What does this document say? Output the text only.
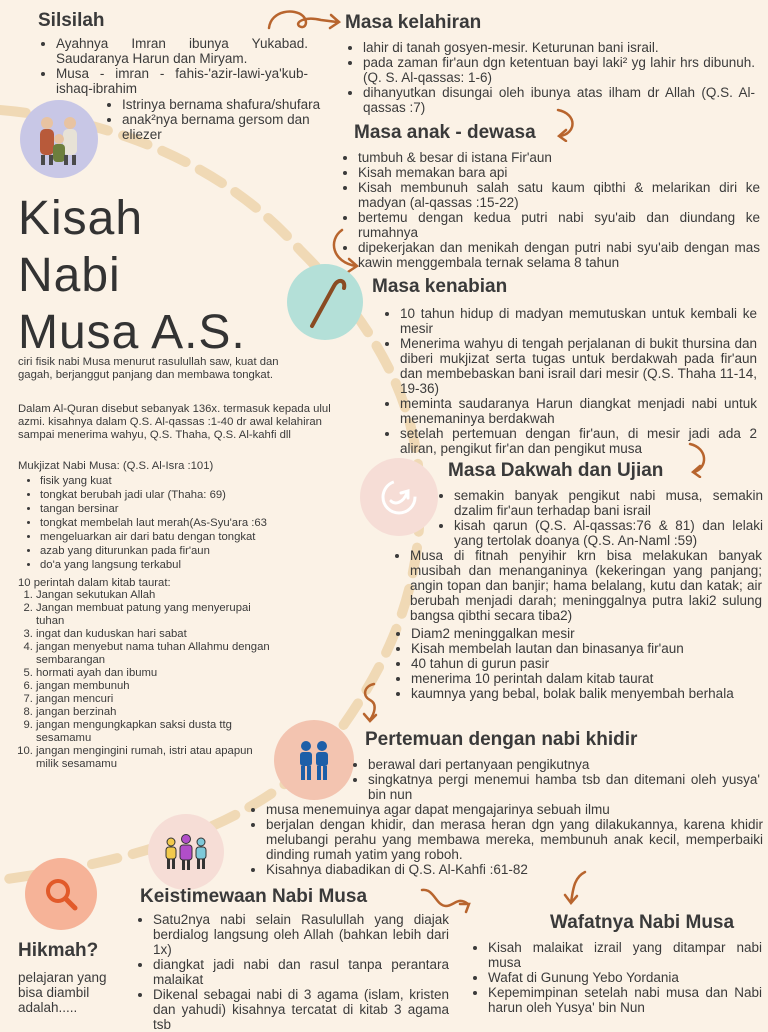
Silsilah
• Ayahnya Imran ibunya Yukabad. Saudaranya Harun dan Miryam.
• Musa - imran - fahis-'azir-lawi-ya'kub-ishaq-ibrahim
• Istrinya bernama shafura/shufara
• anak²nya bernama gersom dan eliezer
Masa kelahiran
• lahir di tanah gosyen-mesir. Keturunan bani israil.
• pada zaman fir'aun dgn ketentuan bayi laki² yg lahir hrs dibunuh. (Q. S. Al-qassas: 1-6)
• dihanyutkan disungai oleh ibunya atas ilham dr Allah (Q.S. Al-qassas :7)
Masa anak - dewasa
• tumbuh & besar di istana Fir'aun
• Kisah memakan bara api
• Kisah membunuh salah satu kaum qibthi & melarikan diri ke madyan (al-qassas :15-22)
• bertemu dengan kedua putri nabi syu'aib dan diundang ke rumahnya
• dipekerjakan dan menikah dengan putri nabi syu'aib dengan mas kawin menggembala ternak selama 8 tahun
Kisah
Nabi
Musa A.S.
ciri fisik nabi Musa menurut rasulullah saw, kuat dan gagah, berjanggut panjang dan membawa tongkat.
Dalam Al-Quran disebut sebanyak 136x. termasuk kepada ulul azmi. kisahnya dalam Q.S. Al-qassas :1-40 dr awal kelahiran sampai menerima wahyu, Q.S. Thaha, Q.S. Al-kahfi dll
Mukjizat Nabi Musa: (Q.S. Al-Isra :101)
• fisik yang kuat
• tongkat berubah jadi ular (Thaha: 69)
• tangan bersinar
• tongkat membelah laut merah(As-Syu'ara :63
• mengeluarkan air dari batu dengan tongkat
• azab yang diturunkan pada fir'aun
• do'a yang langsung terkabul
10 perintah dalam kitab taurat:
1. Jangan sekutukan Allah
2. Jangan membuat patung yang menyerupai tuhan
3. ingat dan kuduskan hari sabat
4. jangan menyebut nama tuhan Allahmu dengan sembarangan
5. hormati ayah dan ibumu
6. jangan membunuh
7. jangan mencuri
8. jangan berzinah
9. jangan mengungkapkan saksi dusta ttg sesamamu
10. jangan mengingini rumah, istri atau apapun milik sesamamu
Masa kenabian
• 10 tahun hidup di madyan memutuskan untuk kembali ke mesir
• Menerima wahyu di tengah perjalanan di bukit thursina dan diberi mukjizat serta tugas untuk berdakwah pada fir'aun dan membebaskan bani israil dari mesir (Q.S. Thaha 11-14, 19-36)
• meminta saudaranya Harun diangkat menjadi nabi untuk menemaninya berdakwah
• setelah pertemuan dengan fir'aun, di mesir jadi ada 2 aliran, pengikut fir'an dan pengikut musa
Masa Dakwah dan Ujian
• semakin banyak pengikut nabi musa, semakin dzalim fir'aun terhadap bani israil
• kisah qarun (Q.S. Al-qassas:76 & 81) dan lelaki yang tertolak doanya (Q.S. An-Naml :59)
• Musa di fitnah penyihir krn bisa melakukan banyak musibah dan menanganinya (kekeringan yang panjang; angin topan dan banjir; hama belalang, kutu dan katak; air berubah menjadi darah; meninggalnya putra laki2 sulung bangsa qibthi secara tiba2)
• Diam2 meninggalkan mesir
• Kisah membelah lautan dan binasanya fir'aun
• 40 tahun di gurun pasir
• menerima 10 perintah dalam kitab taurat
• kaumnya yang bebal, bolak balik menyembah berhala
Pertemuan dengan nabi khidir
• berawal dari pertanyaan pengikutnya
• singkatnya pergi menemui hamba tsb dan ditemani oleh yusya' bin nun
• musa menemuinya agar dapat mengajarinya sebuah ilmu
• berjalan dengan khidir, dan merasa heran dgn yang dilakukannya, karena khidir melubangi perahu yang membawa mereka, membunuh anak kecil, memperbaiki dinding rumah yatim yang roboh.
• Kisahnya diabadikan di Q.S. Al-Kahfi :61-82
Keistimewaan Nabi Musa
• Satu2nya nabi selain Rasulullah yang diajak berdialog langsung oleh Allah (bahkan lebih dari 1x)
• diangkat jadi nabi dan rasul tanpa perantara malaikat
• Dikenal sebagai nabi di 3 agama (islam, kristen dan yahudi) kisahnya tercatat di kitab 3 agama tsb
Wafatnya Nabi Musa
• Kisah malaikat izrail yang ditampar nabi musa
• Wafat di Gunung Yebo Yordania
• Kepemimpinan setelah nabi musa dan Nabi harun oleh Yusya' bin Nun
Hikmah?
pelajaran yang bisa diambil adalah.....
